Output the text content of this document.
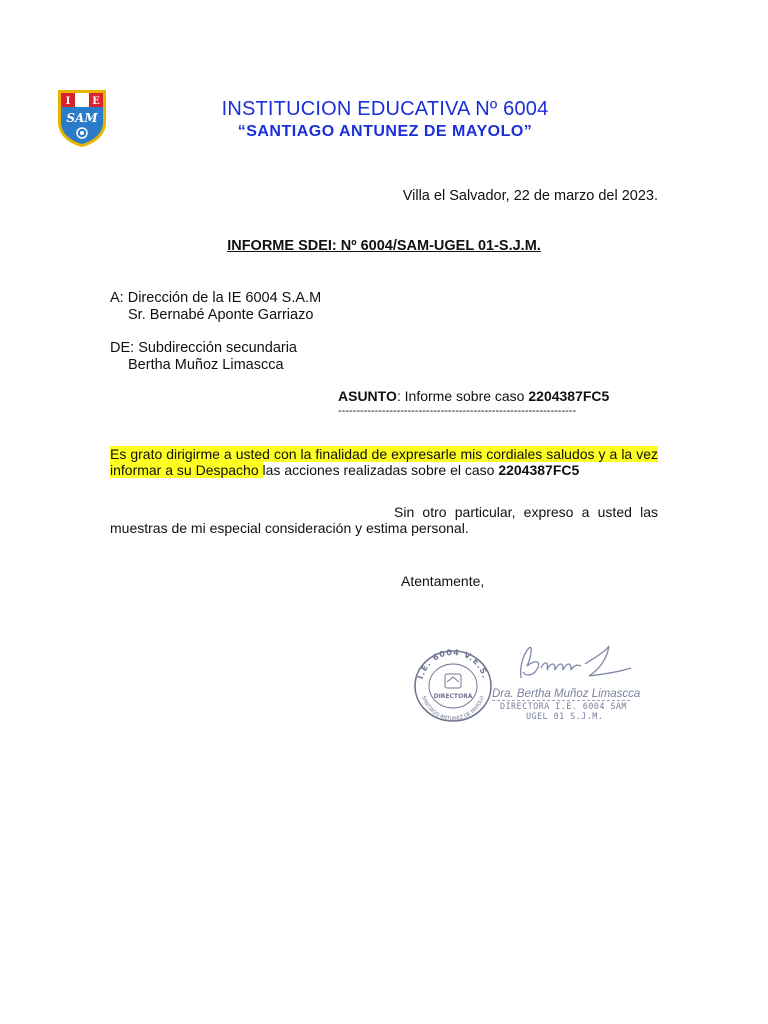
I E
SAM	INSTITUCION EDUCATIVA Nº 6004
“SANTIAGO ANTUNEZ DE MAYOLO”
Villa el Salvador, 22 de marzo del 2023.
INFORME SDEI: Nº 6004/SAM-UGEL 01-S.J.M.
A: Dirección de la IE 6004 S.A.M
Sr. Bernabé Aponte Garriazo
DE: Subdirección secundaria
Bertha Muñoz Limascca
ASUNTO: Informe sobre caso 2204387FC5
-----------------------------------------------------------------
Es grato dirigirme a usted con la finalidad de expresarle mis cordiales saludos y a la vez informar a su Despacho las acciones realizadas sobre el caso 2204387FC5
Sin otro particular, expreso a usted las muestras de mi especial consideración y estima personal.
Atentamente,
I.E. 6004 V.E.S.
SANTIAGO ANTUNEZ DE MAYOLO
DIRECTORA Dra. Bertha Muñoz Limascca
DIRECTORA I.E. 6004 SAM
UGEL 01 S.J.M.
